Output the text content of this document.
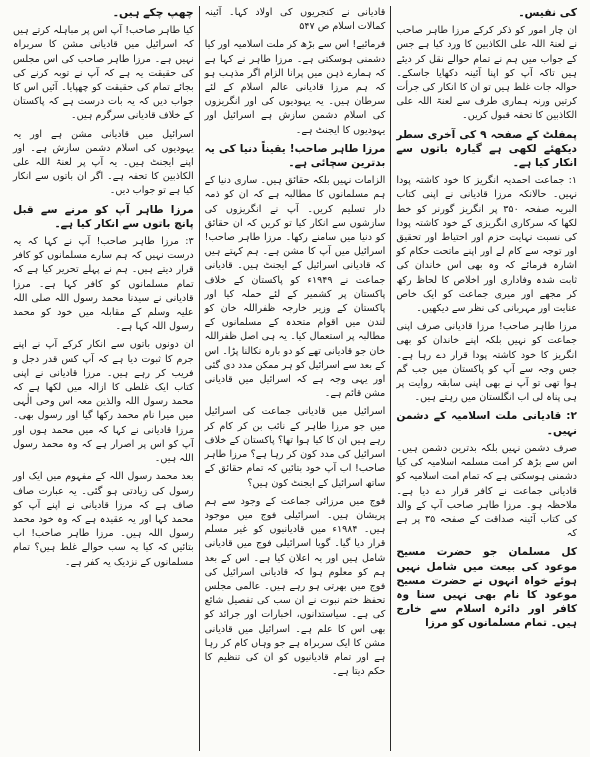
کی نفیس۔

ان چار امور کو ذکر کرکے مرزا طاہر صاحب نے لعنۃ اللہ علی الکاذبین کا ورد کیا ہے جس کے جواب میں ہم نے تمام حوالے نقل کر دیئے ہیں تاکہ آپ کو اپنا آئینہ دکھایا جاسکے۔ حوالہ جات غلط ہیں تو ان کا انکار کی جرأت کرتیں ورنہ ہماری طرف سے لعنۃ اللہ علی الکاذبین کا تحفہ قبول کریں۔

پمفلٹ کے صفحہ ۹ کی آخری سطر دیکھئے لکھی ہے گیارہ باتوں سے انکار کیا ہے۔

۱: جماعت احمدیہ انگریز کا خود کاشتہ پودا نہیں۔ حالانکہ مرزا قادیانی نے اپنی کتاب البریہ صفحہ ۳۵۰ پر انگریز گورنر کو خط لکھا کہ سرکاری انگریزی کے خود کاشتہ پودا کی نسبت نہایت حزم اور احتیاط اور تحقیق اور توجہ سے کام لے اور اپنے ماتحت حکام کو اشارہ فرمائے کہ وہ بھی اس خاندان کی ثابت شدہ وفاداری اور اخلاص کا لحاظ رکھ کر مجھے اور میری جماعت کو ایک خاص عنایت اور مہربانی کی نظر سے دیکھیں۔

مرزا طاہر صاحب! مرزا قادیانی صرف اپنی جماعت کو نہیں بلکہ اپنے خاندان کو بھی انگریز کا خود کاشتہ پودا قرار دے رہا ہے۔ جس وجہ سے آپ کو پاکستان میں جب گم ہوا تھی تو آپ نے بھی اپنی سابقہ روایت پر ہی پناہ لی اب انگلستان میں رہتے ہیں۔

۲: قادیانی ملت اسلامیہ کے دشمن نہیں۔

صرف دشمن نہیں بلکہ بدترین دشمن ہیں۔ اس سے بڑھ کر امت مسلمہ اسلامیہ کی کیا دشمنی ہوسکتی ہے کہ تمام امت اسلامیہ کو قادیانی جماعت نے کافر قرار دے دیا ہے۔ ملاحظہ ہو۔ مرزا طاہر صاحب آپ کے والد کی کتاب آئینہ صداقت کے صفحہ ۳۵ پر ہے کہ

کل مسلمان جو حضرت مسیح موعود کی بیعت میں شامل نہیں ہوئے خواہ انہوں نے حضرت مسیح موعود کا نام بھی نہیں سنا وہ کافر اور دائرہ اسلام سے خارج ہیں۔ تمام مسلمانوں کو مرزا

قادیانی نے کنجریوں کی اولاد کہا۔ آئینہ کمالات اسلام ص ۵۴۷

فرمائیے! اس سے بڑھ کر ملت اسلامیہ اور کیا دشمنی ہوسکتی ہے۔ مرزا طاہر نے کہا ہے کہ ہمارے ذہن میں پرانا الزام اگر مذہب ہو کہ ہم مرزا قادیانی عالم اسلام کے لئے سرطان ہیں۔ یہ یہودیوں کی اور انگریزوں کی اسلام دشمن سازش ہے اسرائیل اور یہودیوں کا ایجنٹ ہے۔

مرزا طاہر صاحب! یقیناً دنیا کی یہ بدترین سچائی ہے۔

الزامات نہیں بلکہ حقائق ہیں۔ ساری دنیا کے ہم مسلمانوں کا مطالبہ ہے کہ ان کو ذمہ دار تسلیم کریں۔ آپ نے انگریزوں کی سازشوں سے انکار کیا تو کریں کہ ان حقائق کو دنیا میں سامنے رکھا۔ مرزا طاہر صاحب! اسرائیل میں آپ کا مشن ہے۔ ہم کہتے ہیں کہ قادیانی اسرائیل کے ایجنٹ ہیں۔ قادیانی جماعت نے ۱۹۴۹ء کو پاکستان کے خلاف پاکستان پر کشمیر کے لئے حملہ کیا اور پاکستان کے وزیر خارجہ ظفراللہ خان کو لندن میں اقوام متحدہ کے مسلمانوں کے مطالبہ پر استعمال کیا۔ یہ ہی اصل ظفراللہ خان جو قادیانی تھے کو دو بارہ نکالنا پڑا۔ اس کے بعد سے اسرائیل کو ہر ممکن مدد دی گئی اور یہی وجہ ہے کہ اسرائیل میں قادیانی مشن قائم ہے۔

اسرائیل میں قادیانی جماعت کی اسرائیل میں جو مرزا طاہر کے نائب بن کر کام کر رہے ہیں ان کا کیا ہوا تھا؟ پاکستان کے خلاف اسرائیل کی مدد کون کر رہا ہے؟ مرزا طاہر صاحب! اب آپ خود بتائیں کہ تمام حقائق کے ساتھ اسرائیل کے ایجنٹ کون ہیں؟

فوج میں مرزائی جماعت کے وجود سے ہم پریشان ہیں۔ اسرائیلی فوج میں موجود ہیں۔ ۱۹۸۴ء میں قادیانیوں کو غیر مسلم قرار دیا گیا۔ گویا اسرائیلی فوج میں قادیانی شامل ہیں اور یہ اعلان کیا ہے۔ اس کے بعد ہم کو معلوم ہوا کہ قادیانی اسرائیل کی فوج میں بھرتی ہو رہے ہیں۔ عالمی مجلس تحفظ ختم نبوت نے ان سب کی تفصیل شائع کی ہے۔ سیاستدانوں، اخبارات اور جرائد کو بھی اس کا علم ہے۔ اسرائیل میں قادیانی مشن کا ایک سربراہ ہے جو وہاں کام کر رہا ہے اور تمام قادیانیوں کو ان کی تنظیم کا حکم دیتا ہے۔

چھپ چکے ہیں۔

کیا طاہر صاحب! آپ اس پر مباہلہ کرتے ہیں کہ اسرائیل میں قادیانی مشن کا سربراہ نہیں ہے۔ مرزا طاہر صاحب کی اس مجلس کی حقیقت یہ ہے کہ آپ نے توبہ کرنے کی بجائے تمام کی حقیقت کو چھپایا۔ آئیں اس کا جواب دیں کہ یہ بات درست ہے کہ پاکستان کے خلاف قادیانی سرگرم ہیں۔

اسرائیل میں قادیانی مشن ہے اور یہ یہودیوں کی اسلام دشمن سازش ہے۔ اور اپنے ایجنٹ ہیں۔ یہ آپ پر لعنۃ اللہ علی الکاذبین کا تحفہ ہے۔ اگر ان باتوں سے انکار کیا ہے تو جواب دیں۔

مرزا طاہر آپ کو مرنے سے قبل پانچ باتوں سے انکار کیا ہے۔

۳: مرزا طاہر صاحب! آپ نے کہا کہ یہ درست نہیں کہ ہم سارے مسلمانوں کو کافر قرار دیتے ہیں۔ ہم نے پہلے تحریر کیا ہے کہ تمام مسلمانوں کو کافر کہا ہے۔ مرزا قادیانی نے سیدنا محمد رسول اللہ صلی اللہ علیہ وسلم کے مقابلہ میں خود کو محمد رسول اللہ کہا ہے۔

ان دونوں باتوں سے انکار کرکے آپ نے اپنے جرم کا ثبوت دیا ہے کہ آپ کس قدر دجل و فریب کر رہے ہیں۔ مرزا قادیانی نے اپنی کتاب ایک غلطی کا ازالہ میں لکھا ہے کہ محمد رسول اللہ والذین معہ اس وحی الٰہی میں میرا نام محمد رکھا گیا اور رسول بھی۔ مرزا قادیانی نے کہا کہ میں محمد ہوں اور آپ کو اس پر اصرار ہے کہ وہ محمد رسول اللہ ہیں۔

بعد محمد رسول اللہ کے مفہوم میں ایک اور رسول کی زیادتی ہو گئی۔ یہ عبارت صاف صاف ہے کہ مرزا قادیانی نے اپنے آپ کو محمد کہا اور یہ عقیدہ ہے کہ وہ خود محمد رسول اللہ ہیں۔ مرزا طاہر صاحب! اب بتائیں کہ کیا یہ سب حوالے غلط ہیں؟ تمام مسلمانوں کے نزدیک یہ کفر ہے۔
